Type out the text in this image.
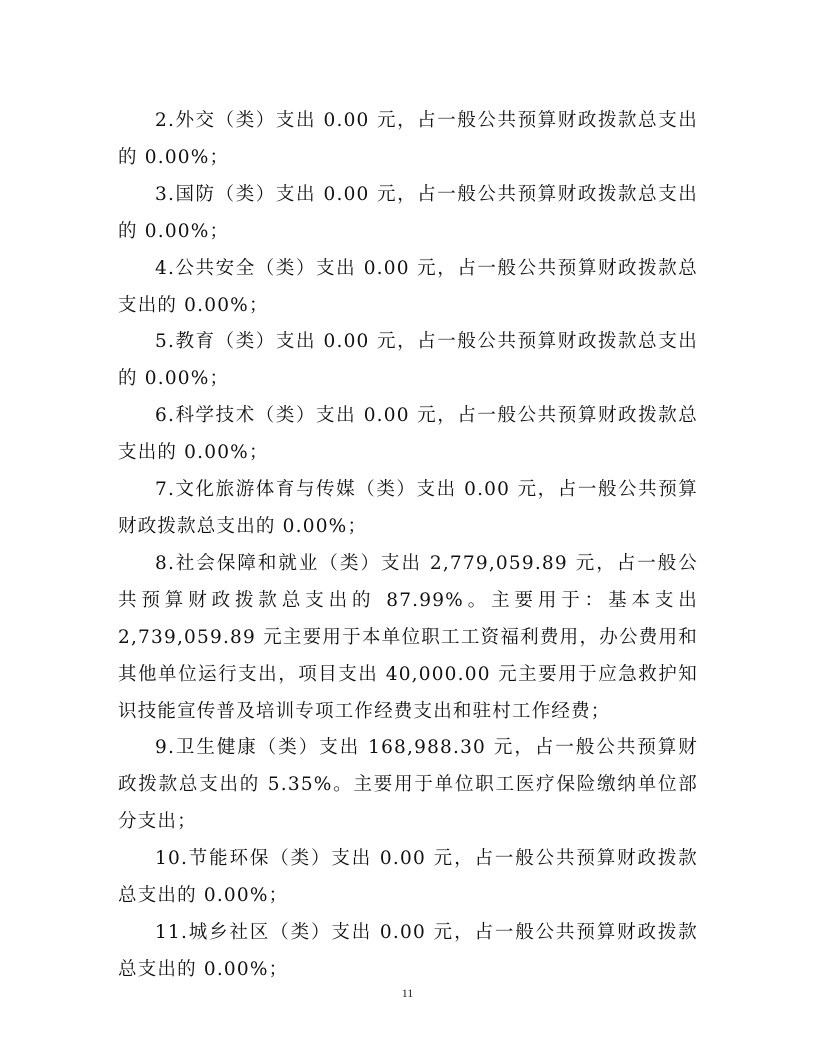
2.外交（类）支出 0.00 元，占一般公共预算财政拨款总支出的 0.00%；

3.国防（类）支出 0.00 元，占一般公共预算财政拨款总支出的 0.00%；

4.公共安全（类）支出 0.00 元，占一般公共预算财政拨款总支出的 0.00%；

5.教育（类）支出 0.00 元，占一般公共预算财政拨款总支出的 0.00%；

6.科学技术（类）支出 0.00 元，占一般公共预算财政拨款总支出的 0.00%；

7.文化旅游体育与传媒（类）支出 0.00 元，占一般公共预算财政拨款总支出的 0.00%；

8.社会保障和就业（类）支出 2,779,059.89 元，占一般公共预算财政拨款总支出的 87.99%。主要用于：基本支出 2,739,059.89 元主要用于本单位职工工资福利费用，办公费用和其他单位运行支出，项目支出 40,000.00 元主要用于应急救护知识技能宣传普及培训专项工作经费支出和驻村工作经费；

9.卫生健康（类）支出 168,988.30 元，占一般公共预算财政拨款总支出的 5.35%。主要用于单位职工医疗保险缴纳单位部分支出；

10.节能环保（类）支出 0.00 元，占一般公共预算财政拨款总支出的 0.00%；

11.城乡社区（类）支出 0.00 元，占一般公共预算财政拨款总支出的 0.00%；

11
